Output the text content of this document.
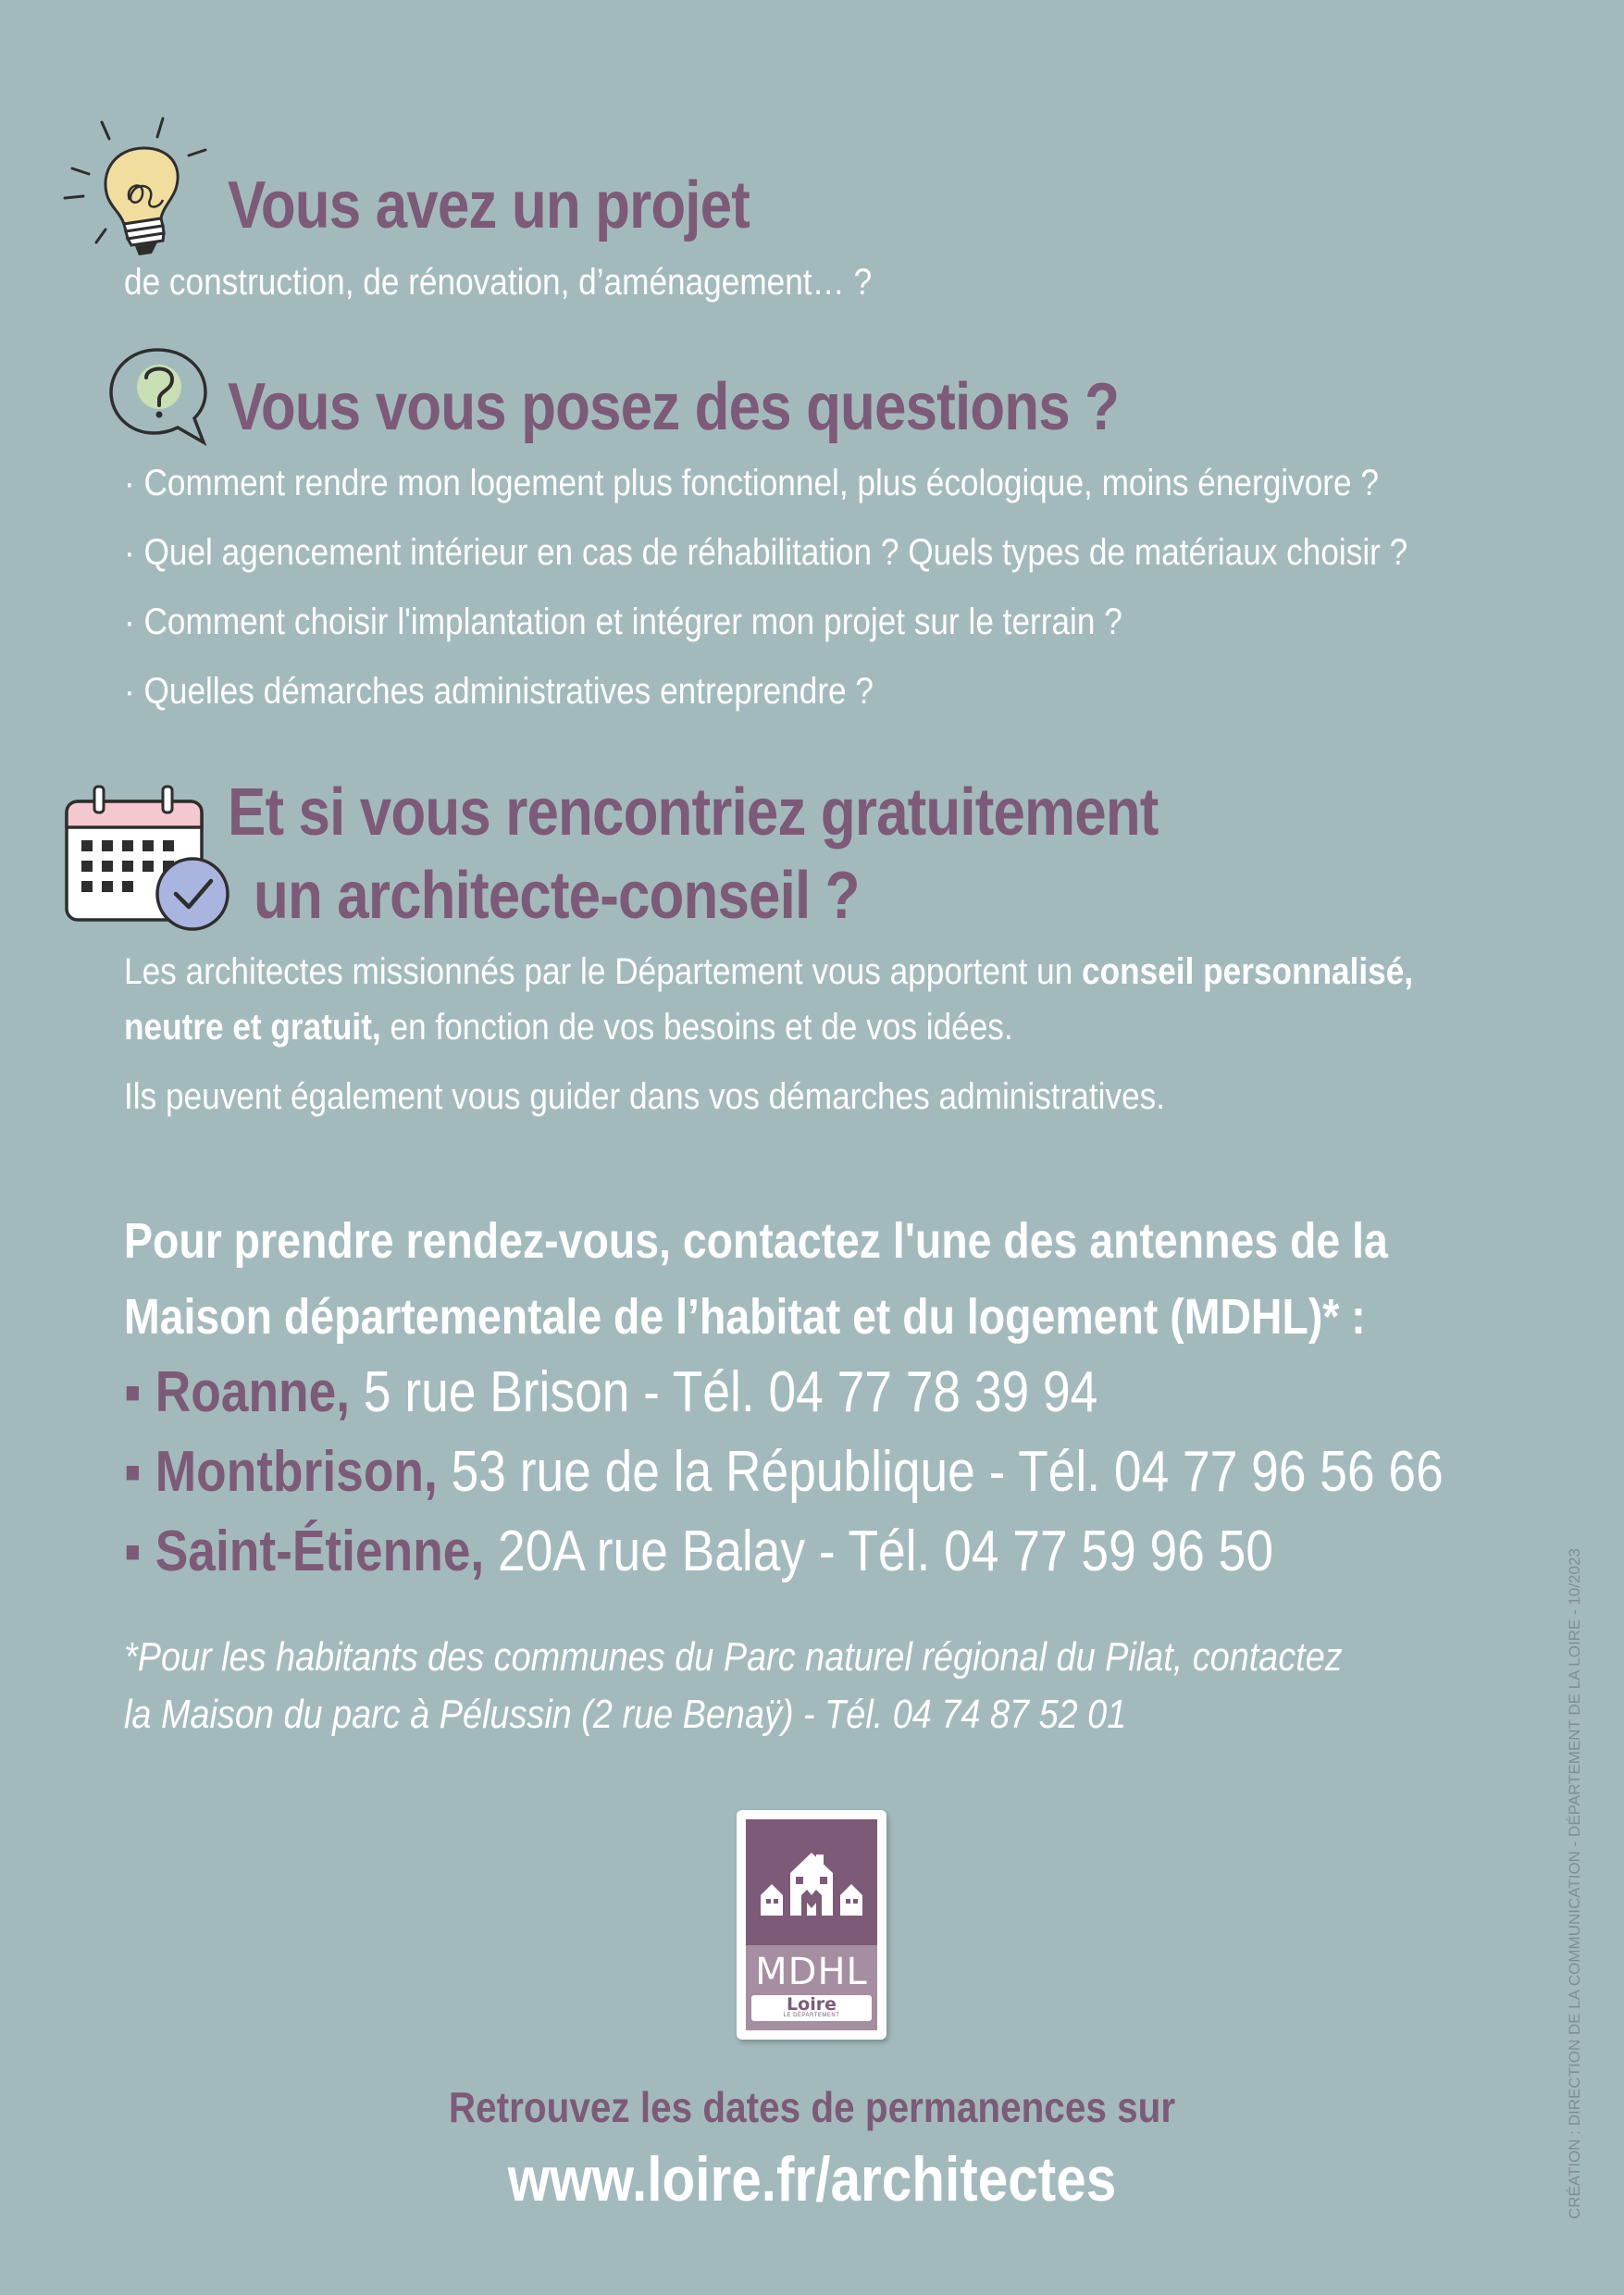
Vous avez un projet
de construction, de rénovation, d’aménagement… ?
Vous vous posez des questions ?
· Comment rendre mon logement plus fonctionnel, plus écologique, moins énergivore ?
· Quel agencement intérieur en cas de réhabilitation ? Quels types de matériaux choisir ?
· Comment choisir l'implantation et intégrer mon projet sur le terrain ?
· Quelles démarches administratives entreprendre ?
Et si vous rencontriez gratuitement
un architecte-conseil ?
Les architectes missionnés par le Département vous apportent un conseil personnalisé,
neutre et gratuit, en fonction de vos besoins et de vos idées.
Ils peuvent également vous guider dans vos démarches administratives.
Pour prendre rendez-vous, contactez l'une des antennes de la
Maison départementale de l’habitat et du logement (MDHL)* :
▪ Roanne, 5 rue Brison - Tél. 04 77 78 39 94
▪ Montbrison, 53 rue de la République - Tél. 04 77 96 56 66
▪ Saint-Étienne, 20A rue Balay - Tél. 04 77 59 96 50
*Pour les habitants des communes du Parc naturel régional du Pilat, contactez
la Maison du parc à Pélussin (2 rue Benaÿ) - Tél. 04 74 87 52 01
MDHL
Loire
LE DÉPARTEMENT
Retrouvez les dates de permanences sur
www.loire.fr/architectes	CRÉATION : DIRECTION DE LA COMMUNICATION - DÉPARTEMENT DE LA LOIRE - 10/2023
